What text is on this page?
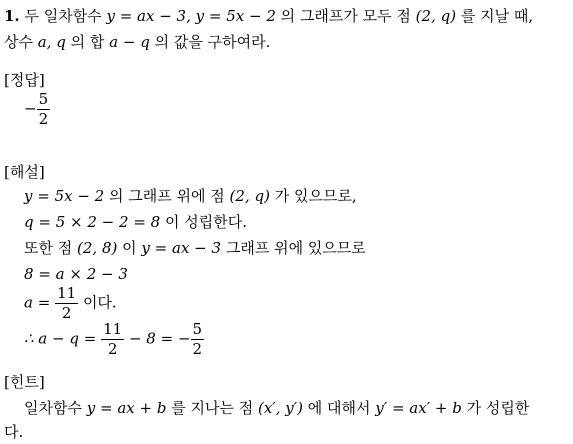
1. 두 일차함수 y = ax − 3, y = 5x − 2 의 그래프가 모두 점 (2, q) 를 지날 때,
상수 a, q 의 합 a − q 의 값을 구하여라.
[정답]
− $\frac{5}{2}$
[해설]
y = 5x − 2 의 그래프 위에 점 (2, q) 가 있으므로,
q = 5 × 2 − 2 = 8 이 성립한다.
또한 점 (2, 8) 이 y = ax − 3 그래프 위에 있으므로
8 = a × 2 − 3
$a = \frac{11}{2}$ 이다.
∴ $a - q = \frac{11}{2} - 8$ = − $\frac{5}{2}$
[힌트]
일차함수 y = ax + b 를 지나는 점 (x′, y′) 에 대해서 y′ = ax′ + b 가 성립한
다.
